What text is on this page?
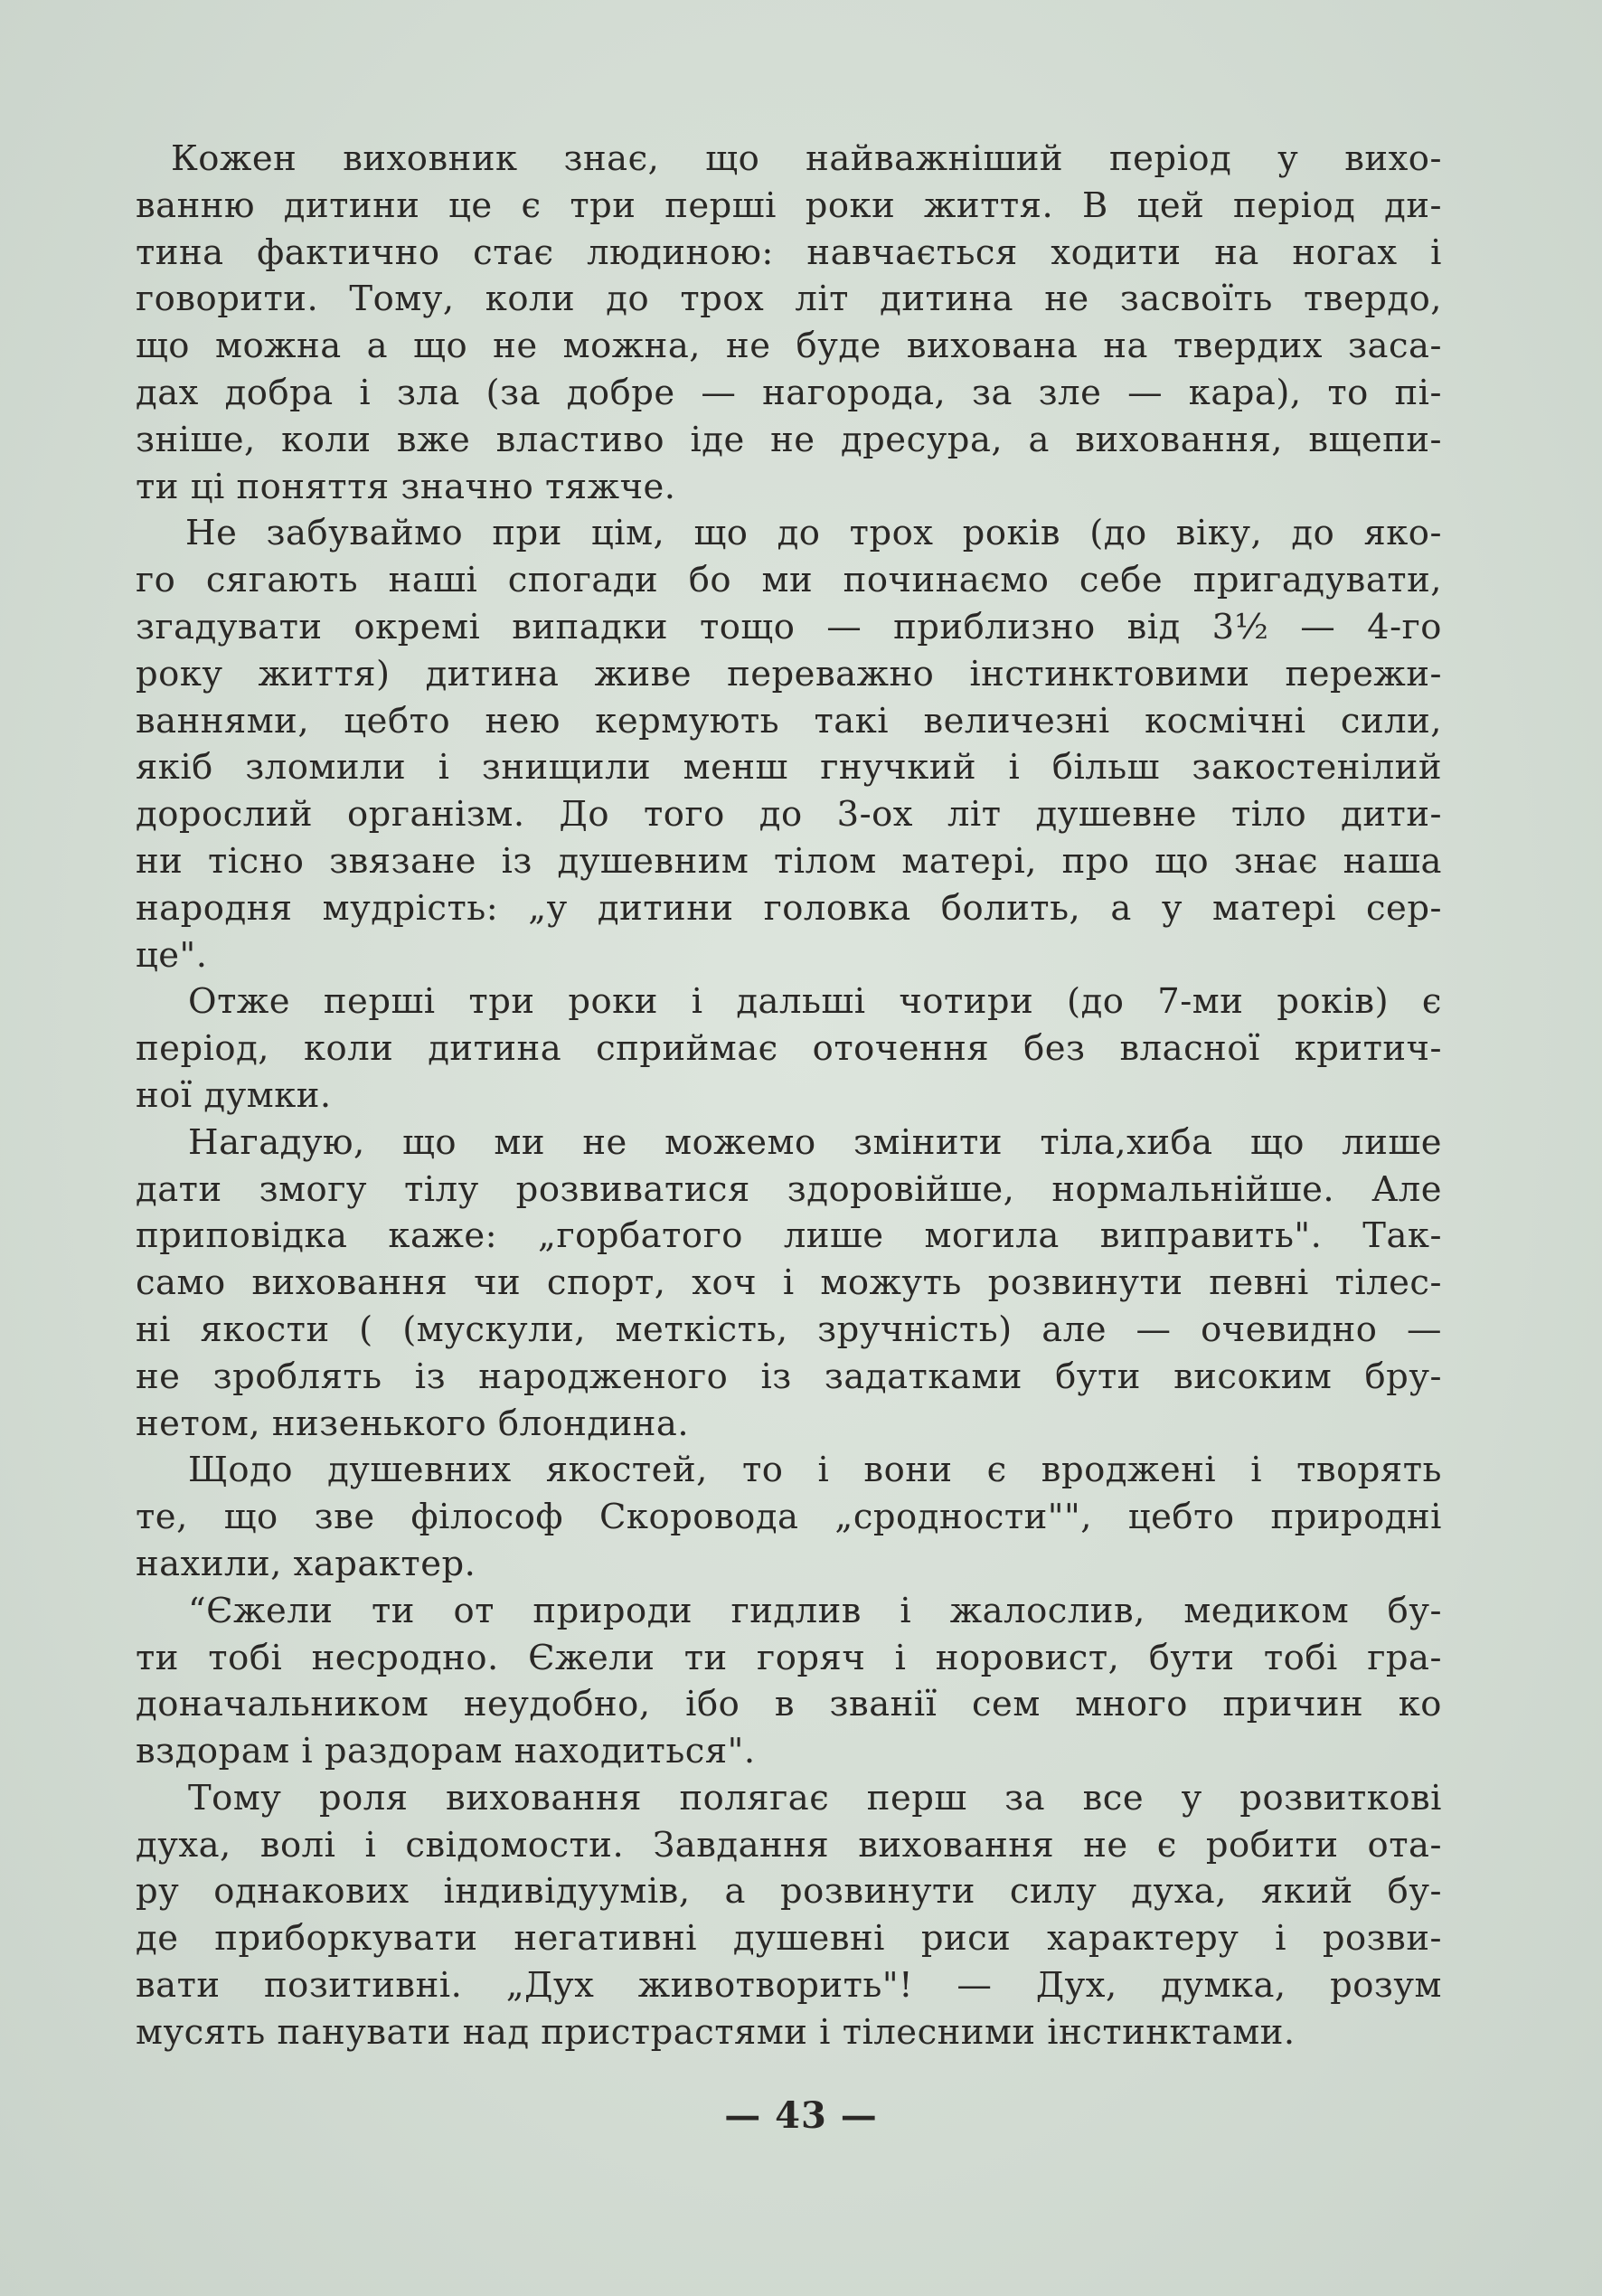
 Кожен виховник знає, що найважніший період у вихо-
ванню дитини це є три перші роки життя. В цей період ди-
тина фактично стає людиною: навчається ходити на ногах і
говорити. Тому, коли до трох літ дитина не засвоїть твердо,
що можна а що не можна, не буде вихована на твердих заса-
дах добра і зла (за добре — нагорода, за зле — кара), то пі-
зніше, коли вже властиво іде не дресура, а виховання, вщепи-
ти ці поняття значно тяжче.
Не забуваймо при цім, що до трох років (до віку, до яко-
го сягають наші спогади бо ми починаємо себе пригадувати,
згадувати окремі випадки тощо — приблизно від 3½ — 4-го
року життя) дитина живе переважно інстинктовими пережи-
ваннями, цебто нею кермують такі величезні космічні сили,
якіб зломили і знищили менш гнучкий і більш закостенілий
дорослий організм. До того до 3-ох літ душевне тіло дити-
ни тісно звязане із душевним тілом матері, про що знає наша
народня мудрість: „у дитини головка болить, а у матері сер-
це".
Отже перші три роки і дальші чотири (до 7-ми років) є
період, коли дитина сприймає оточення без власної критич-
ної думки.
Нагадую, що ми не можемо змінити тіла,хиба що лише
дати змогу тілу розвиватися здоровійше, нормальнійше. Але
приповідка каже: „горбатого лише могила виправить". Так-
само виховання чи спорт, хоч і можуть розвинути певні тілес-
ні якости ( (мускули, меткість, зручність) але — очевидно —
не зроблять із народженого із задатками бути високим бру-
нетом, низенького блондина.
Щодо душевних якостей, то і вони є вроджені і творять
те, що зве філософ Скоровода „сродности"", цебто природні
нахили, характер.
“Єжели ти от природи гидлив і жалослив, медиком бу-
ти тобі несродно. Єжели ти горяч і норовист, бути тобі гра-
доначальником неудобно, ібо в званії сем много причин ко
вздорам і раздорам находиться".
Тому роля виховання полягає перш за все у розвиткові
духа, волі і свідомости. Завдання виховання не є робити ота-
ру однакових індивідуумів, а розвинути силу духа, який бу-
де приборкувати негативні душевні риси характеру і розви-
вати позитивні. „Дух животворить"! — Дух, думка, розум
мусять панувати над пристрастями і тілесними інстинктами.
— 43 —
